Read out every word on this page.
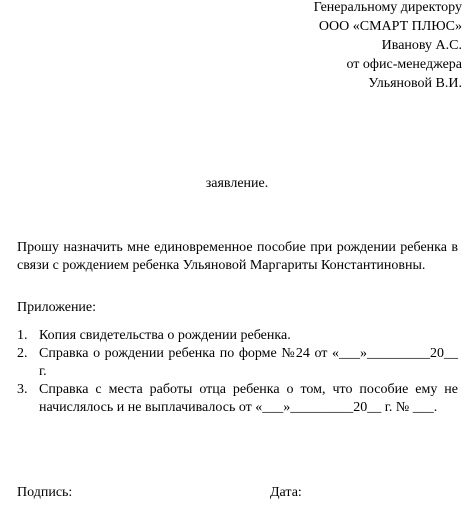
Генеральному директору
ООО «СМАРТ ПЛЮС»
Иванову А.С.
от офис-менеджера
Ульяновой В.И.
заявление.
Прошу назначить мне единовременное пособие при рождении ребенка в связи с рождением ребенка Ульяновой Маргариты Константиновны.
Приложение:
1. Копия свидетельства о рождении ребенка.
2. Справка о рождении ребенка по форме №24 от «___»_________20__ г.
3. Справка с места работы отца ребенка о том, что пособие ему не начислялось и не выплачивалось от «___»_________20__ г. № ___.
Подпись:	Дата:
